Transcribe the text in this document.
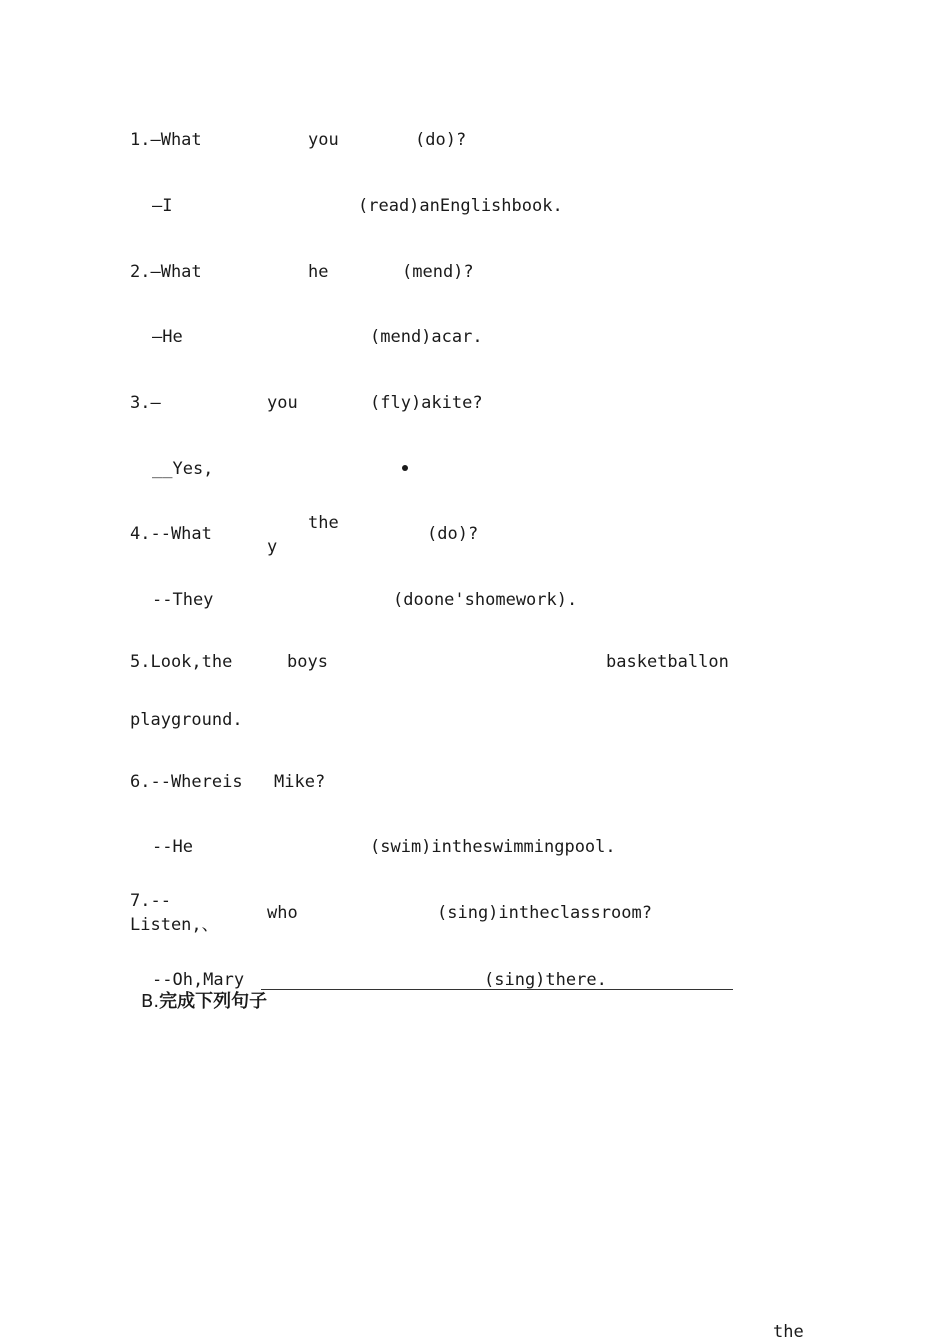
1.—What	you	(do)?
—I	(read)anEnglishbook.
2.—What	he	(mend)?
—He	(mend)acar.
3.—	you	(fly)akite?
__Yes,
4.--What
the
y
(do)?
--They	(doone'shomework).
5.Look,the	boys	basketballon
playground.
6.--Whereis Mike?
--He	(swim)intheswimmingpool.
7.--
Listen,、
who	(sing)intheclassroom?
--Oh,Mary	(sing)there.
B.完成下列句子
the
